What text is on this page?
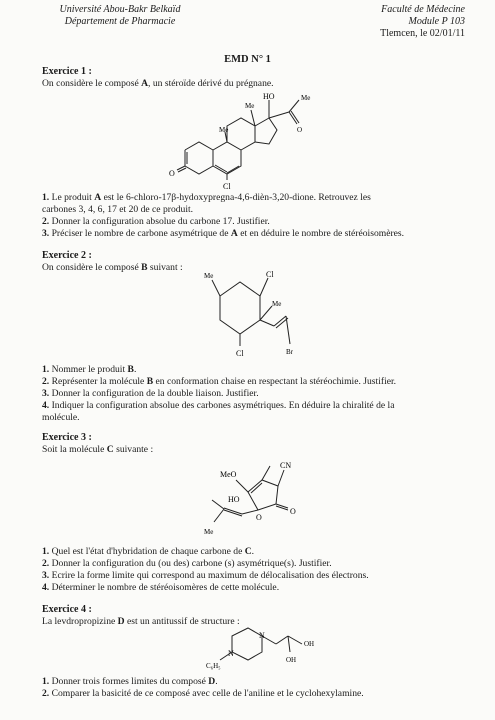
Université Abou-Bakr Belkaïd
Département de Pharmacie
Faculté de Médecine
Module P 103
Tlemcen, le 02/01/11
EMD N° 1
Exercice 1 :
On considère le composé A, un stéroïde dérivé du prégnane.
HO
Me
Me
Me
O
O
Cl
1. Le produit A est le 6-chloro-17β-hydoxypregna-4,6-dièn-3,20-dione. Retrouvez les
carbones 3, 4, 6, 17 et 20 de ce produit.
2. Donner la configuration absolue du carbone 17. Justifier.
3. Préciser le nombre de carbone asymétrique de A et en déduire le nombre de stéréoisomères.
Exercice 2 :
On considère le composé B suivant :
Me	Cl
Me
Cl	Br
1. Nommer le produit B.
2. Représenter la molécule B en conformation chaise en respectant la stéréochimie. Justifier.
3. Donner la configuration de la double liaison. Justifier.
4. Indiquer la configuration absolue des carbones asymétriques. En déduire la chiralité de la
molécule.
Exercice 3 :
Soit la molécule C suivante :
MeO
CN
HO
O
O
Me
1. Quel est l'état d'hybridation de chaque carbone de C.
2. Donner la configuration du (ou des) carbone (s) asymétrique(s). Justifier.
3. Ecrire la forme limite qui correspond au maximum de délocalisation des électrons.
4. Déterminer le nombre de stéréoisomères de cette molécule.
Exercice 4 :
La levdropropizine D est un antitussif de structure :
N
N
OH
OH
C₆H₅
1. Donner trois formes limites du composé D.
2. Comparer la basicité de ce composé avec celle de l'aniline et le cyclohexylamine.
